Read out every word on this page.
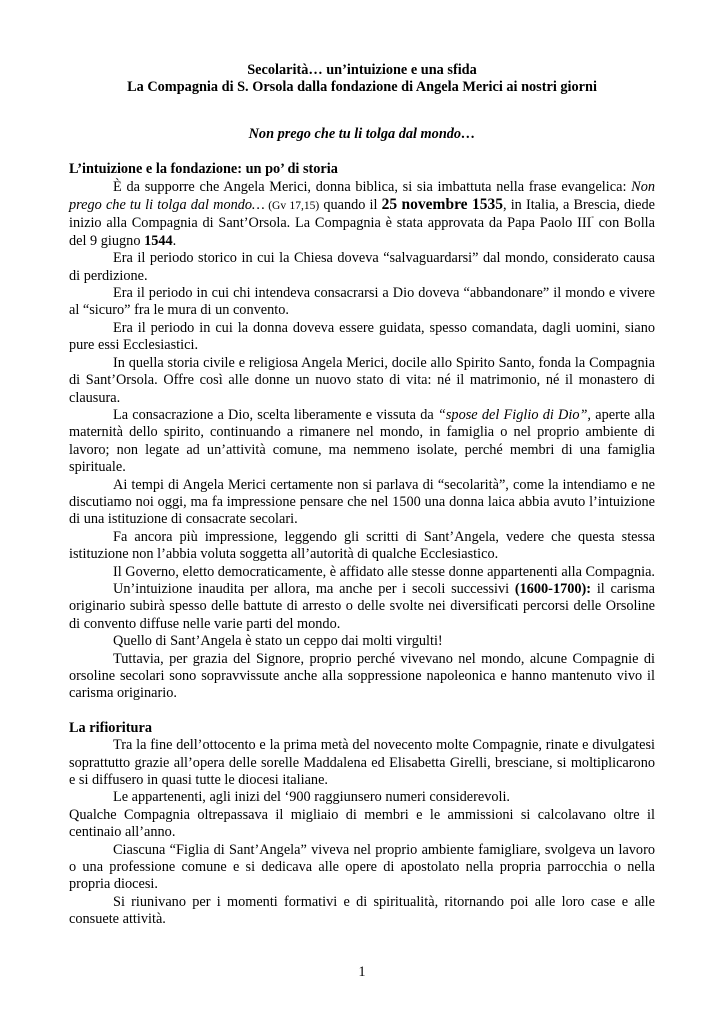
Secolarità… un’intuizione e una sfida

La Compagnia di S. Orsola dalla fondazione di Angela Merici ai nostri giorni

Non prego che tu li tolga dal mondo…

L’intuizione e la fondazione: un po’ di storia

È da supporre che Angela Merici, donna biblica, si sia imbattuta nella frase evangelica: Non prego che tu li tolga dal mondo… (Gv 17,15) quando il 25 novembre 1535, in Italia, a Brescia, diede inizio alla Compagnia di Sant’Orsola. La Compagnia è stata approvata da Papa Paolo III° con Bolla del 9 giugno 1544.

Era il periodo storico in cui la Chiesa doveva “salvaguardarsi” dal mondo, considerato causa di perdizione.

Era il periodo in cui chi intendeva consacrarsi a Dio doveva “abbandonare” il mondo e vivere al “sicuro” fra le mura di un convento.

Era il periodo in cui la donna doveva essere guidata, spesso comandata, dagli uomini, siano pure essi Ecclesiastici.

In quella storia civile e religiosa Angela Merici, docile allo Spirito Santo, fonda la Compagnia di Sant’Orsola. Offre così alle donne un nuovo stato di vita: né il matrimonio, né il monastero di clausura.

La consacrazione a Dio, scelta liberamente e vissuta da “spose del Figlio di Dio”, aperte alla maternità dello spirito, continuando a rimanere nel mondo, in famiglia o nel proprio ambiente di lavoro; non legate ad un’attività comune, ma nemmeno isolate, perché membri di una famiglia spirituale.

Ai tempi di Angela Merici certamente non si parlava di “secolarità”, come la intendiamo e ne discutiamo noi oggi, ma fa impressione pensare che nel 1500 una donna laica abbia avuto l’intuizione di una istituzione di consacrate secolari.

Fa ancora più impressione, leggendo gli scritti di Sant’Angela, vedere che questa stessa istituzione non l’abbia voluta soggetta all’autorità di qualche Ecclesiastico.

Il Governo, eletto democraticamente, è affidato alle stesse donne appartenenti alla Compagnia.

Un’intuizione inaudita per allora, ma anche per i secoli successivi (1600-1700): il carisma originario subirà spesso delle battute di arresto o delle svolte nei diversificati percorsi delle Orsoline di convento diffuse nelle varie parti del mondo.

Quello di Sant’Angela è stato un ceppo dai molti virgulti!

Tuttavia, per grazia del Signore, proprio perché vivevano nel mondo, alcune Compagnie di orsoline secolari sono sopravvissute anche alla soppressione napoleonica e hanno mantenuto vivo il carisma originario.

La rifioritura

Tra la fine dell’ottocento e la prima metà del novecento molte Compagnie, rinate e divulgatesi soprattutto grazie all’opera delle sorelle Maddalena ed Elisabetta Girelli, bresciane, si moltiplicarono e si diffusero in quasi tutte le diocesi italiane.

Le appartenenti, agli inizi del ‘900 raggiunsero numeri considerevoli.

Qualche Compagnia oltrepassava il migliaio di membri e le ammissioni si calcolavano oltre il centinaio all’anno.

Ciascuna “Figlia di Sant’Angela” viveva nel proprio ambiente famigliare, svolgeva un lavoro o una professione comune e si dedicava alle opere di apostolato nella propria parrocchia o nella propria diocesi.

Si riunivano per i momenti formativi e di spiritualità, ritornando poi alle loro case e alle consuete attività.

1
